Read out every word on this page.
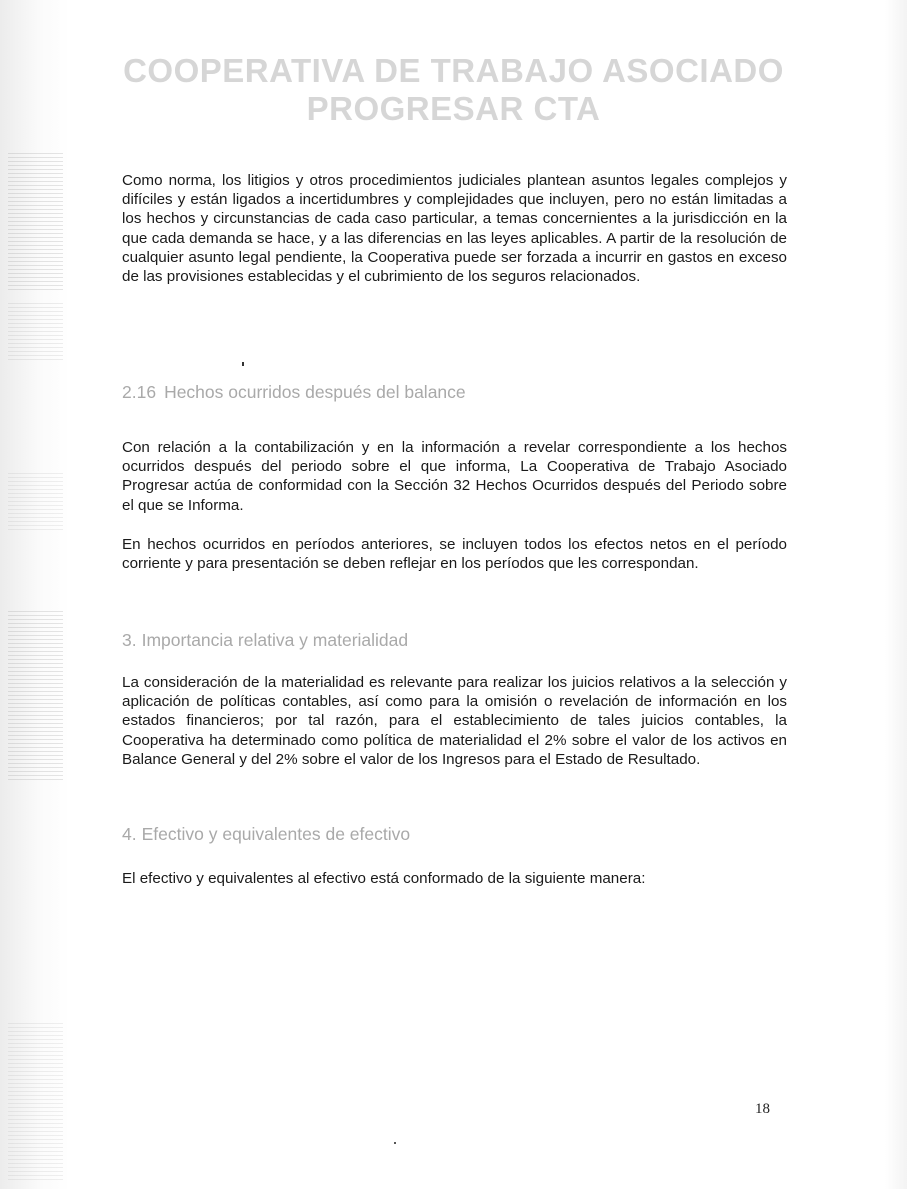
COOPERATIVA DE TRABAJO ASOCIADO
PROGRESAR CTA

Como norma, los litigios y otros procedimientos judiciales plantean asuntos legales complejos y difíciles y están ligados a incertidumbres y complejidades que incluyen, pero no están limitadas a los hechos y circunstancias de cada caso particular, a temas concernientes a la jurisdicción en la que cada demanda se hace, y a las diferencias en las leyes aplicables. A partir de la resolución de cualquier asunto legal pendiente, la Cooperativa puede ser forzada a incurrir en gastos en exceso de las provisiones establecidas y el cubrimiento de los seguros relacionados.

2.16 Hechos ocurridos después del balance

Con relación a la contabilización y en la información a revelar correspondiente a los hechos ocurridos después del periodo sobre el que informa, La Cooperativa de Trabajo Asociado Progresar actúa de conformidad con la Sección 32 Hechos Ocurridos después del Periodo sobre el que se Informa.

En hechos ocurridos en períodos anteriores, se incluyen todos los efectos netos en el período corriente y para presentación se deben reflejar en los períodos que les correspondan.

3. Importancia relativa y materialidad

La consideración de la materialidad es relevante para realizar los juicios relativos a la selección y aplicación de políticas contables, así como para la omisión o revelación de información en los estados financieros; por tal razón, para el establecimiento de tales juicios contables, la Cooperativa ha determinado como política de materialidad el 2% sobre el valor de los activos en Balance General y del 2% sobre el valor de los Ingresos para el Estado de Resultado.

4. Efectivo y equivalentes de efectivo

El efectivo y equivalentes al efectivo está conformado de la siguiente manera:

18
